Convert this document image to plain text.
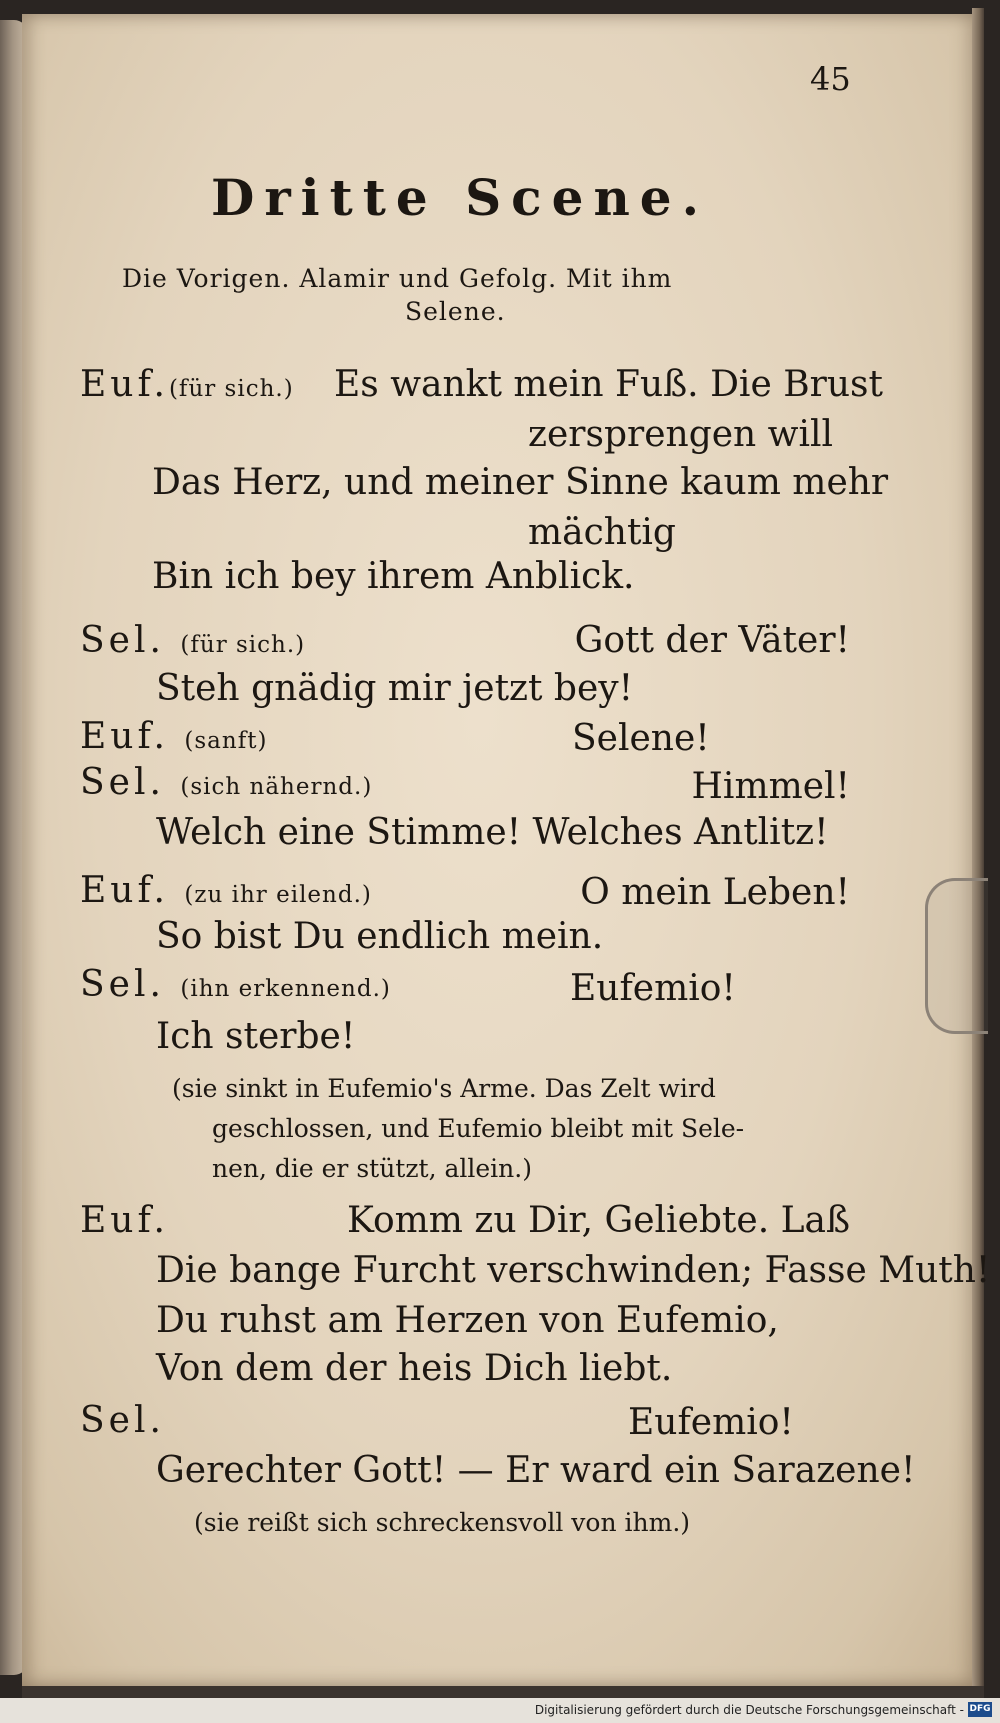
45
Dritte Scene.
Die Vorigen. Alamir und Gefolg. Mit ihm
Selene.
Euf.(für sich.) Es wankt mein Fuß. Die Brust
zersprengen will
Das Herz, und meiner Sinne kaum mehr
mächtig
Bin ich bey ihrem Anblick.
Sel. (für sich.)	Gott der Väter!
Steh gnädig mir jetzt bey!
Euf. (sanft)	Selene!
Sel. (sich nähernd.)	Himmel!
Welch eine Stimme! Welches Antlitz!
Euf. (zu ihr eilend.)	O mein Leben!
So bist Du endlich mein.
Sel. (ihn erkennend.)	Eufemio!
Ich sterbe!
(sie sinkt in Eufemio's Arme. Das Zelt wird
geschlossen, und Eufemio bleibt mit Sele-
nen, die er stützt, allein.)
Euf.	Komm zu Dir, Geliebte. Laß
Die bange Furcht verschwinden; Fasse Muth!
Du ruhst am Herzen von Eufemio,
Von dem der heis Dich liebt.
Sel.	Eufemio!
Gerechter Gott! — Er ward ein Sarazene!
(sie reißt sich schreckensvoll von ihm.)
Digitalisierung gefördert durch die Deutsche Forschungsgemeinschaft - DFG
